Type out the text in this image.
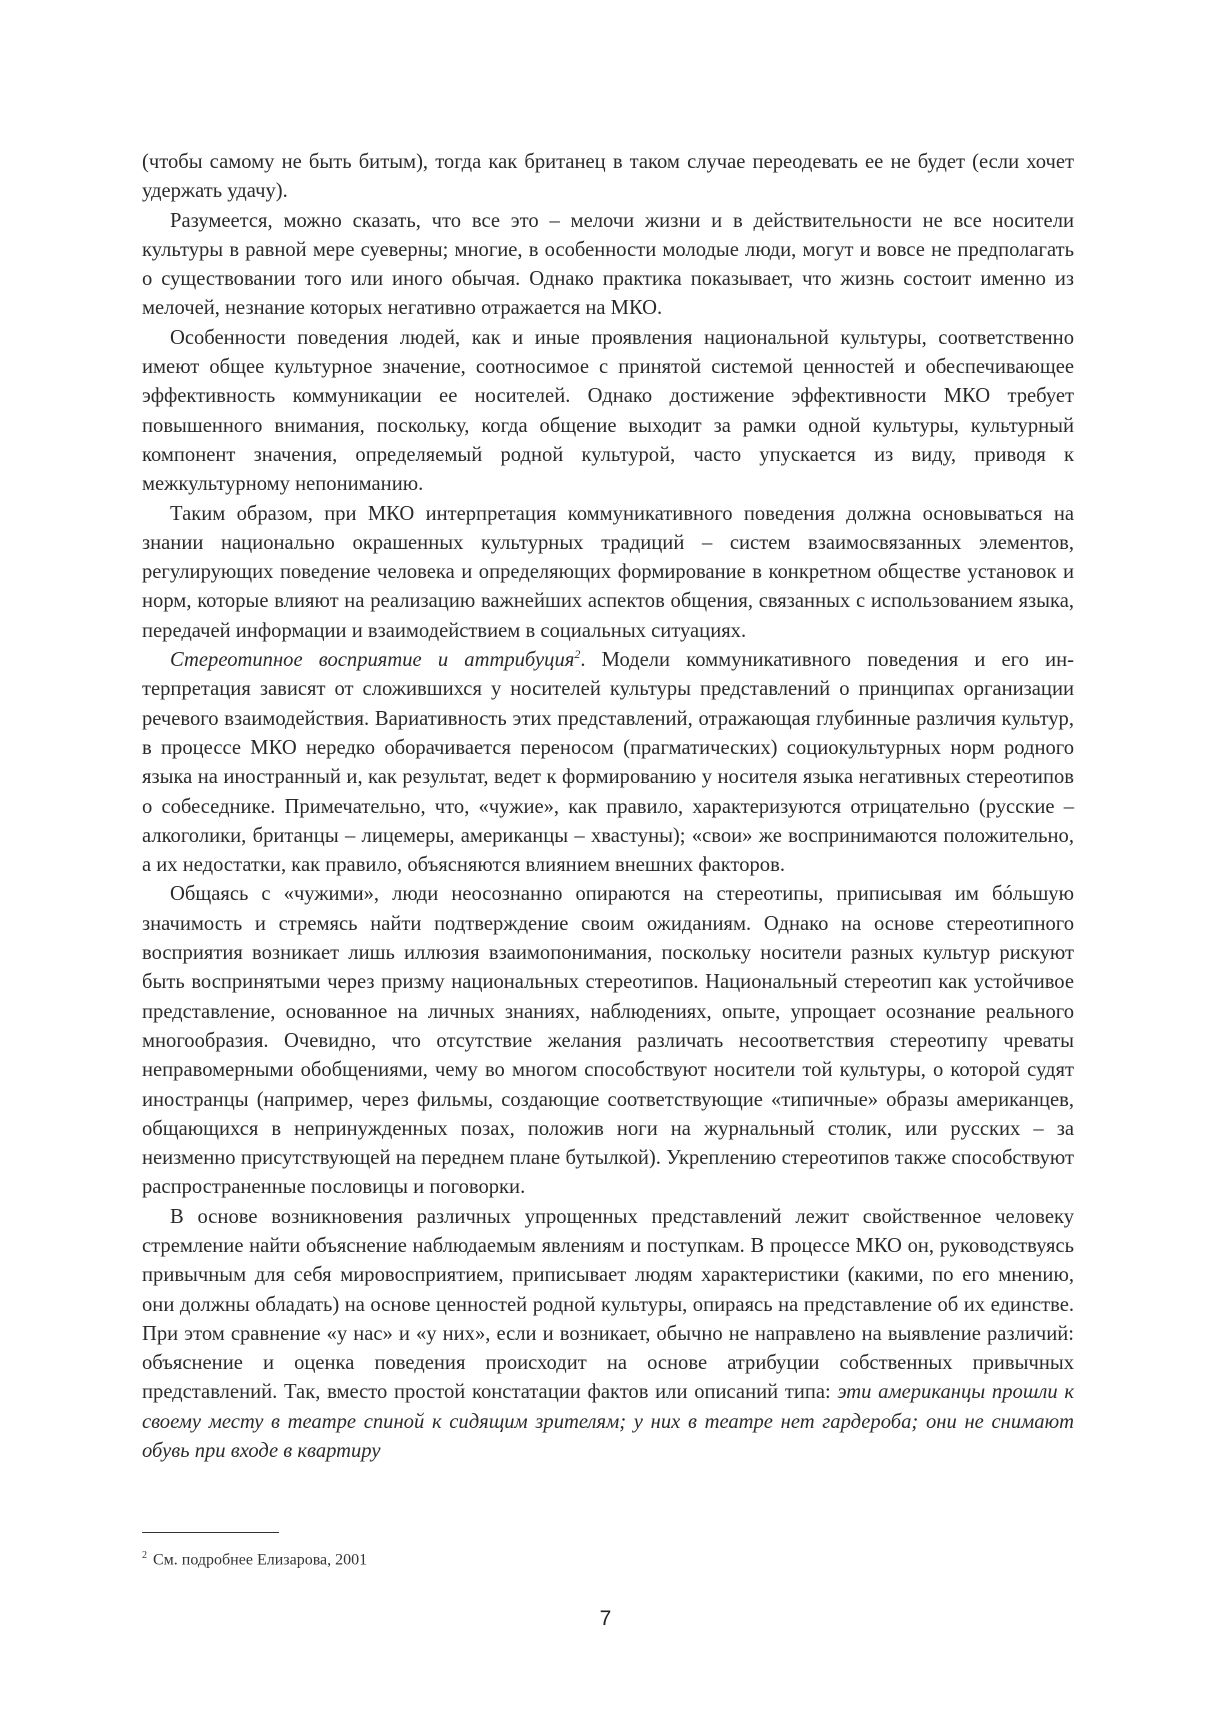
(чтобы самому не быть битым), тогда как британец в таком случае переодевать ее не будет (если хочет удержать удачу).

Разумеется, можно сказать, что все это – мелочи жизни и в действительности не все носители культуры в равной мере суеверны; многие, в особенности молодые люди, могут и вовсе не предполагать о существовании того или иного обычая. Однако практика показывает, что жизнь состоит именно из мелочей, незнание которых негативно отражается на МКО.

Особенности поведения людей, как и иные проявления национальной культуры, соответственно имеют общее культурное значение, соотносимое с принятой системой ценностей и обеспечивающее эффективность коммуникации ее носителей. Однако достижение эффективности МКО требует повышенного внимания, поскольку, когда общение выходит за рамки одной культуры, культурный компонент значения, определяемый родной культурой, часто упускается из виду, приводя к межкультурному непониманию.

Таким образом, при МКО интерпретация коммуникативного поведения должна основываться на знании национально окрашенных культурных традиций – систем взаимосвязанных элементов, регулирующих поведение человека и определяющих формирование в конкретном обществе установок и норм, которые влияют на реализацию важнейших аспектов общения, связанных с использованием языка, передачей информации и взаимодействием в социальных ситуациях.

Стереотипное восприятие и аттрибуция$^2$. Модели коммуникативного поведения и его интерпретация зависят от сложившихся у носителей культуры представлений о принципах организации речевого взаимодействия. Вариативность этих представлений, отражающая глубинные различия культур, в процессе МКО нередко оборачивается переносом (прагматических) социокультурных норм родного языка на иностранный и, как результат, ведет к формированию у носителя языка негативных стереотипов о собеседнике. Примечательно, что, «чужие», как правило, характеризуются отрицательно (русские – алкоголики, британцы – лицемеры, американцы – хвастуны); «свои» же воспринимаются положительно, а их недостатки, как правило, объясняются влиянием внешних факторов.

Общаясь с «чужими», люди неосознанно опираются на стереотипы, приписывая им бóльшую значимость и стремясь найти подтверждение своим ожиданиям. Однако на основе стереотипного восприятия возникает лишь иллюзия взаимопонимания, поскольку носители разных культур рискуют быть воспринятыми через призму национальных стереотипов. Национальный стереотип как устойчивое представление, основанное на личных знаниях, наблюдениях, опыте, упрощает осознание реального многообразия. Очевидно, что отсутствие желания различать несоответствия стереотипу чреваты неправомерными обобщениями, чему во многом способствуют носители той культуры, о которой судят иностранцы (например, через фильмы, создающие соответствующие «типичные» образы американцев, общающихся в непринужденных позах, положив ноги на журнальный столик, или русских – за неизменно присутствующей на переднем плане бутылкой). Укреплению стереотипов также способствуют распространенные пословицы и поговорки.

В основе возникновения различных упрощенных представлений лежит свойственное человеку стремление найти объяснение наблюдаемым явлениям и поступкам. В процессе МКО он, руководствуясь привычным для себя мировосприятием, приписывает людям характеристики (какими, по его мнению, они должны обладать) на основе ценностей родной культуры, опираясь на представление об их единстве. При этом сравнение «у нас» и «у них», если и возникает, обычно не направлено на выявление различий: объяснение и оценка поведения происходит на основе атрибуции собственных привычных представлений. Так, вместо простой констатации фактов или описаний типа: эти американцы прошли к своему месту в театре спиной к сидящим зрителям; у них в театре нет гардероба; они не снимают обувь при входе в квартиру

$^2$ См. подробнее Елизарова, 2001
7
